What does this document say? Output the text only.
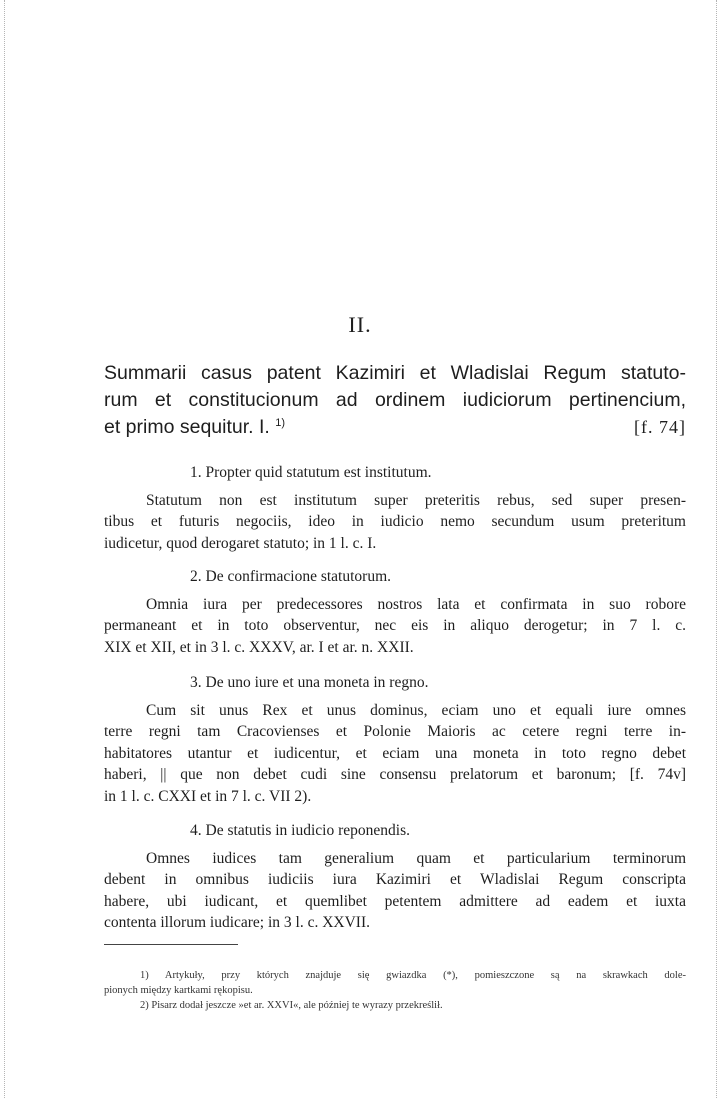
II.
Summarii casus patent Kazimiri et Wladislai Regum statuto-
rum et constitucionum ad ordinem iudiciorum pertinencium,
et primo sequitur. I. $^{1)}$	[f. 74]
1. Propter quid statutum est institutum.
Statutum non est institutum super preteritis rebus, sed super presen-
tibus et futuris negociis, ideo in iudicio nemo secundum usum preteritum
iudicetur, quod derogaret statuto; in 1 l. c. I.
2. De confirmacione statutorum.
Omnia iura per predecessores nostros lata et confirmata in suo robore
permaneant et in toto observentur, nec eis in aliquo derogetur; in 7 l. c.
XIX et XII, et in 3 l. c. XXXV, ar. I et ar. n. XXII.
3. De uno iure et una moneta in regno.
Cum sit unus Rex et unus dominus, eciam uno et equali iure omnes
terre regni tam Cracovienses et Polonie Maioris ac cetere regni terre in-
habitatores utantur et iudicentur, et eciam una moneta in toto regno debet
haberi, || que non debet cudi sine consensu prelatorum et baronum; [f. 74v]
in 1 l. c. CXXI et in 7 l. c. VII 2).
4. De statutis in iudicio reponendis.
Omnes iudices tam generalium quam et particularium terminorum
debent in omnibus iudiciis iura Kazimiri et Wladislai Regum conscripta
habere, ubi iudicant, et quemlibet petentem admittere ad eadem et iuxta
contenta illorum iudicare; in 3 l. c. XXVII.
1) Artykuły, przy których znajduje się gwiazdka (*), pomieszczone są na skrawkach dole-
pionych między kartkami rękopisu.
2) Pisarz dodał jeszcze »et ar. XXVI«, ale później te wyrazy przekreślił.
